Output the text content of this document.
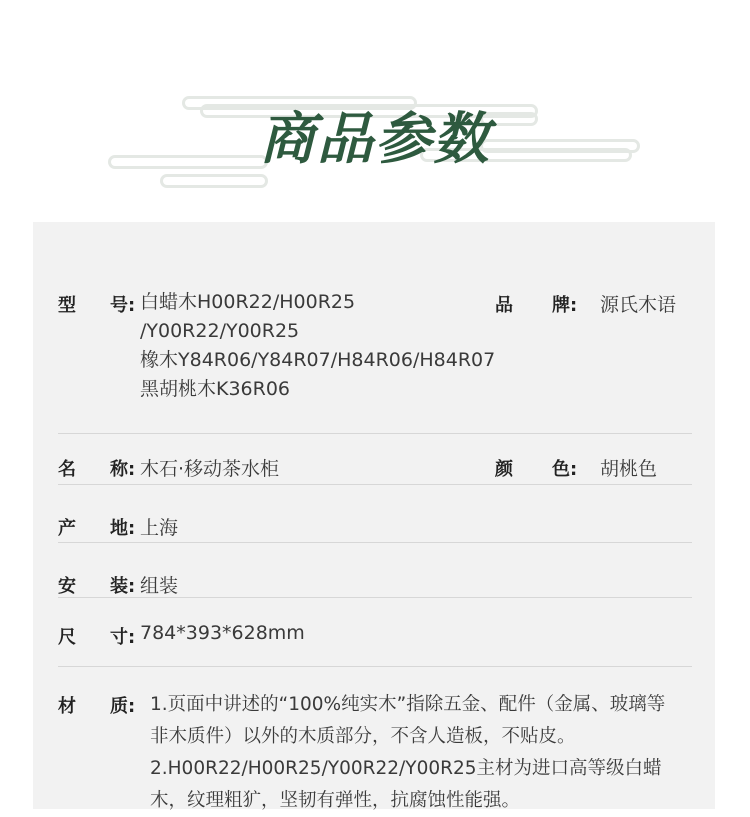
商品参数
型 号: 白蜡木H00R22/H00R25
/Y00R22/Y00R25
橡木Y84R06/Y84R07/H84R06/H84R07
黑胡桃木K36R06
品 牌: 源氏木语
名 称: 木石·移动茶水柜	颜 色: 胡桃色
产 地: 上海
安 装: 组装
尺 寸: 784*393*628mm
材 质: 1.页面中讲述的“100%纯实木”指除五金、配件（金属、玻璃等
非木质件）以外的木质部分，不含人造板，不贴皮。
2.H00R22/H00R25/Y00R22/Y00R25主材为进口高等级白蜡
木，纹理粗犷，坚韧有弹性，抗腐蚀性能强。
